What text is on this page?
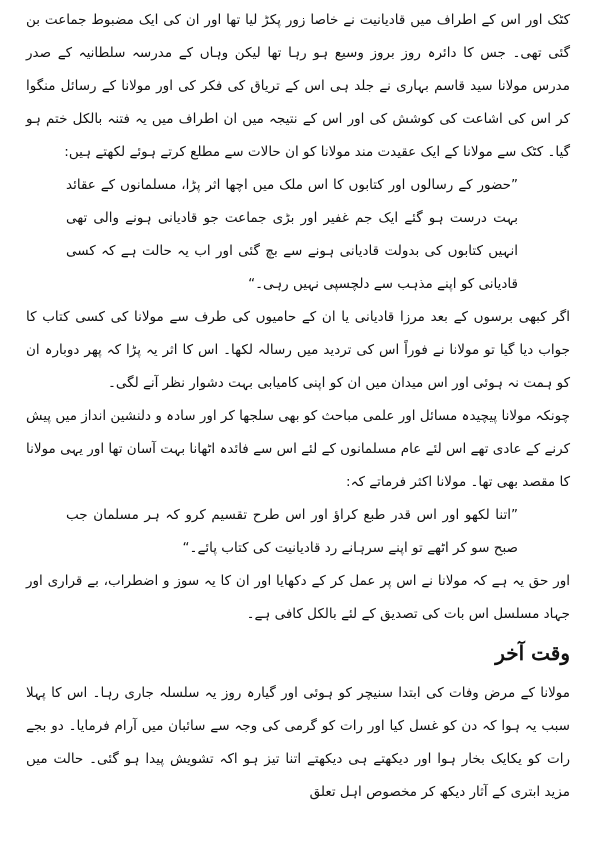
کٹک اور اس کے اطراف میں قادیانیت نے خاصا زور پکڑ لیا تھا اور ان کی ایک مضبوط جماعت بن گئی تھی۔ جس کا دائرہ روز بروز وسیع ہو رہا تھا لیکن وہاں کے مدرسہ سلطانیہ کے صدر مدرس مولانا سید قاسم بہاری نے جلد ہی اس کے تریاق کی فکر کی اور مولانا کے رسائل منگوا کر اس کی اشاعت کی کوشش کی اور اس کے نتیجہ میں ان اطراف میں یہ فتنہ بالکل ختم ہو گیا۔ کٹک سے مولانا کے ایک عقیدت مند مولانا کو ان حالات سے مطلع کرتے ہوئے لکھتے ہیں:

”حضور کے رسالوں اور کتابوں کا اس ملک میں اچھا اثر پڑا، مسلمانوں کے عقائد بہت درست ہو گئے ایک جم غفیر اور بڑی جماعت جو قادیانی ہونے والی تھی انہیں کتابوں کی بدولت قادیانی ہونے سے بچ گئی اور اب یہ حالت ہے کہ کسی قادیانی کو اپنے مذہب سے دلچسپی نہیں رہی۔“

اگر کبھی برسوں کے بعد مرزا قادیانی یا ان کے حامیوں کی طرف سے مولانا کی کسی کتاب کا جواب دیا گیا تو مولانا نے فوراً اس کی تردید میں رسالہ لکھا۔ اس کا اثر یہ پڑا کہ پھر دوبارہ ان کو ہمت نہ ہوئی اور اس میدان میں ان کو اپنی کامیابی بہت دشوار نظر آنے لگی۔

چونکہ مولانا پیچیدہ مسائل اور علمی مباحث کو بھی سلجھا کر اور سادہ و دلنشین انداز میں پیش کرنے کے عادی تھے اس لئے عام مسلمانوں کے لئے اس سے فائدہ اٹھانا بہت آسان تھا اور یہی مولانا کا مقصد بھی تھا۔ مولانا اکثر فرماتے کہ:

”اتنا لکھو اور اس قدر طبع کراؤ اور اس طرح تقسیم کرو کہ ہر مسلمان جب صبح سو کر اٹھے تو اپنے سرہانے رد قادیانیت کی کتاب پائے۔“

اور حق یہ ہے کہ مولانا نے اس پر عمل کر کے دکھایا اور ان کا یہ سوز و اضطراب، بے قراری اور جہاد مسلسل اس بات کی تصدیق کے لئے بالکل کافی ہے۔

وقت آخر

مولانا کے مرض وفات کی ابتدا سنیچر کو ہوئی اور گیارہ روز یہ سلسلہ جاری رہا۔ اس کا پہلا سبب یہ ہوا کہ دن کو غسل کیا اور رات کو گرمی کی وجہ سے سائبان میں آرام فرمایا۔ دو بجے رات کو یکایک بخار ہوا اور دیکھتے ہی دیکھتے اتنا تیز ہو اکہ تشویش پیدا ہو گئی۔ حالت میں مزید ابتری کے آثار دیکھ کر مخصوص اہل تعلق
